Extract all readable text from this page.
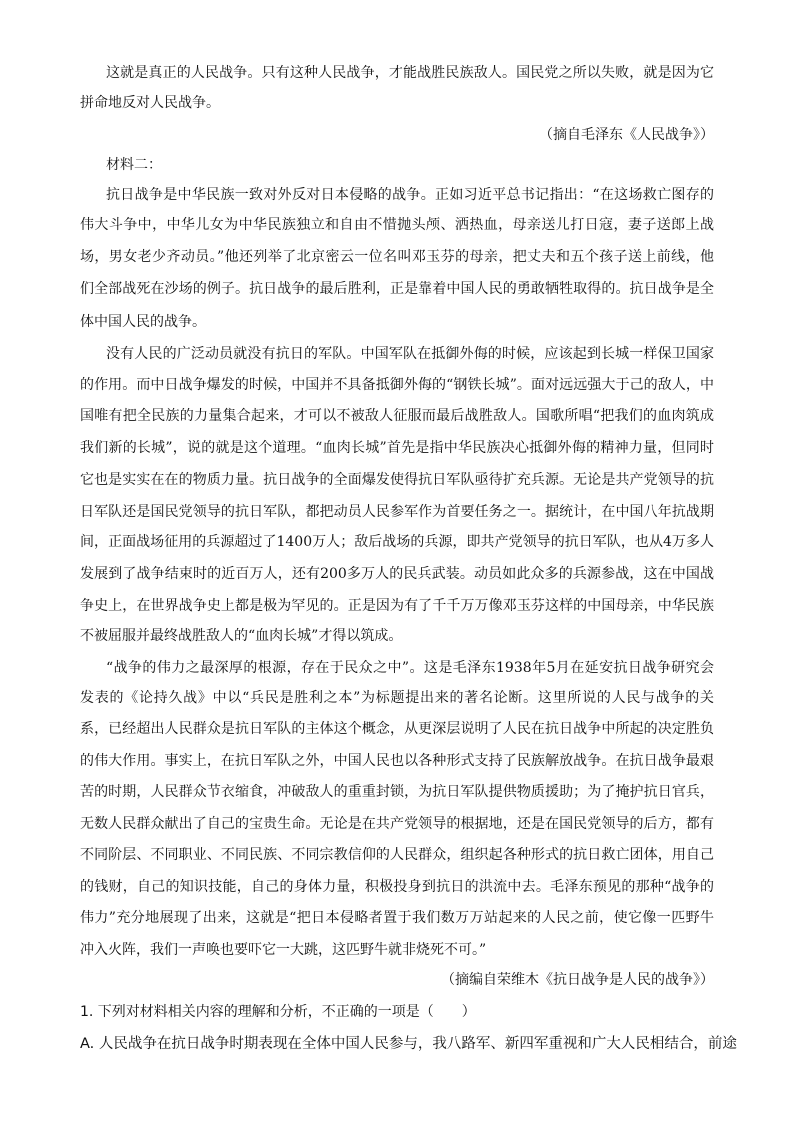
这就是真正的人民战争。只有这种人民战争，才能战胜民族敌人。国民党之所以失败，就是因为它
拼命地反对人民战争。
（摘自毛泽东《人民战争》）
材料二：
抗日战争是中华民族一致对外反对日本侵略的战争。正如习近平总书记指出：“在这场救亡图存的
伟大斗争中，中华儿女为中华民族独立和自由不惜抛头颅、洒热血，母亲送儿打日寇，妻子送郎上战
场，男女老少齐动员。”他还列举了北京密云一位名叫邓玉芬的母亲，把丈夫和五个孩子送上前线，他
们全部战死在沙场的例子。抗日战争的最后胜利，正是靠着中国人民的勇敢牺牲取得的。抗日战争是全
体中国人民的战争。
没有人民的广泛动员就没有抗日的军队。中国军队在抵御外侮的时候，应该起到长城一样保卫国家
的作用。而中日战争爆发的时候，中国并不具备抵御外侮的“钢铁长城”。面对远远强大于己的敌人，中
国唯有把全民族的力量集合起来，才可以不被敌人征服而最后战胜敌人。国歌所唱“把我们的血肉筑成
我们新的长城”，说的就是这个道理。“血肉长城”首先是指中华民族决心抵御外侮的精神力量，但同时
它也是实实在在的物质力量。抗日战争的全面爆发使得抗日军队亟待扩充兵源。无论是共产党领导的抗
日军队还是国民党领导的抗日军队，都把动员人民参军作为首要任务之一。据统计，在中国八年抗战期
间，正面战场征用的兵源超过了1400万人；敌后战场的兵源，即共产党领导的抗日军队，也从4万多人
发展到了战争结束时的近百万人，还有200多万人的民兵武装。动员如此众多的兵源参战，这在中国战
争史上，在世界战争史上都是极为罕见的。正是因为有了千千万万像邓玉芬这样的中国母亲，中华民族
不被屈服并最终战胜敌人的“血肉长城”才得以筑成。
“战争的伟力之最深厚的根源，存在于民众之中”。这是毛泽东1938年5月在延安抗日战争研究会
发表的《论持久战》中以“兵民是胜利之本”为标题提出来的著名论断。这里所说的人民与战争的关
系，已经超出人民群众是抗日军队的主体这个概念，从更深层说明了人民在抗日战争中所起的决定胜负
的伟大作用。事实上，在抗日军队之外，中国人民也以各种形式支持了民族解放战争。在抗日战争最艰
苦的时期，人民群众节衣缩食，冲破敌人的重重封锁，为抗日军队提供物质援助；为了掩护抗日官兵，
无数人民群众献出了自己的宝贵生命。无论是在共产党领导的根据地，还是在国民党领导的后方，都有
不同阶层、不同职业、不同民族、不同宗教信仰的人民群众，组织起各种形式的抗日救亡团体，用自己
的钱财，自己的知识技能，自己的身体力量，积极投身到抗日的洪流中去。毛泽东预见的那种“战争的
伟力”充分地展现了出来，这就是“把日本侵略者置于我们数万万站起来的人民之前，使它像一匹野牛
冲入火阵，我们一声唤也要吓它一大跳，这匹野牛就非烧死不可。”
（摘编自荣维木《抗日战争是人民的战争》）
1. 下列对材料相关内容的理解和分析，不正确的一项是（　　）
A. 人民战争在抗日战争时期表现在全体中国人民参与，我八路军、新四军重视和广大人民相结合，前途
